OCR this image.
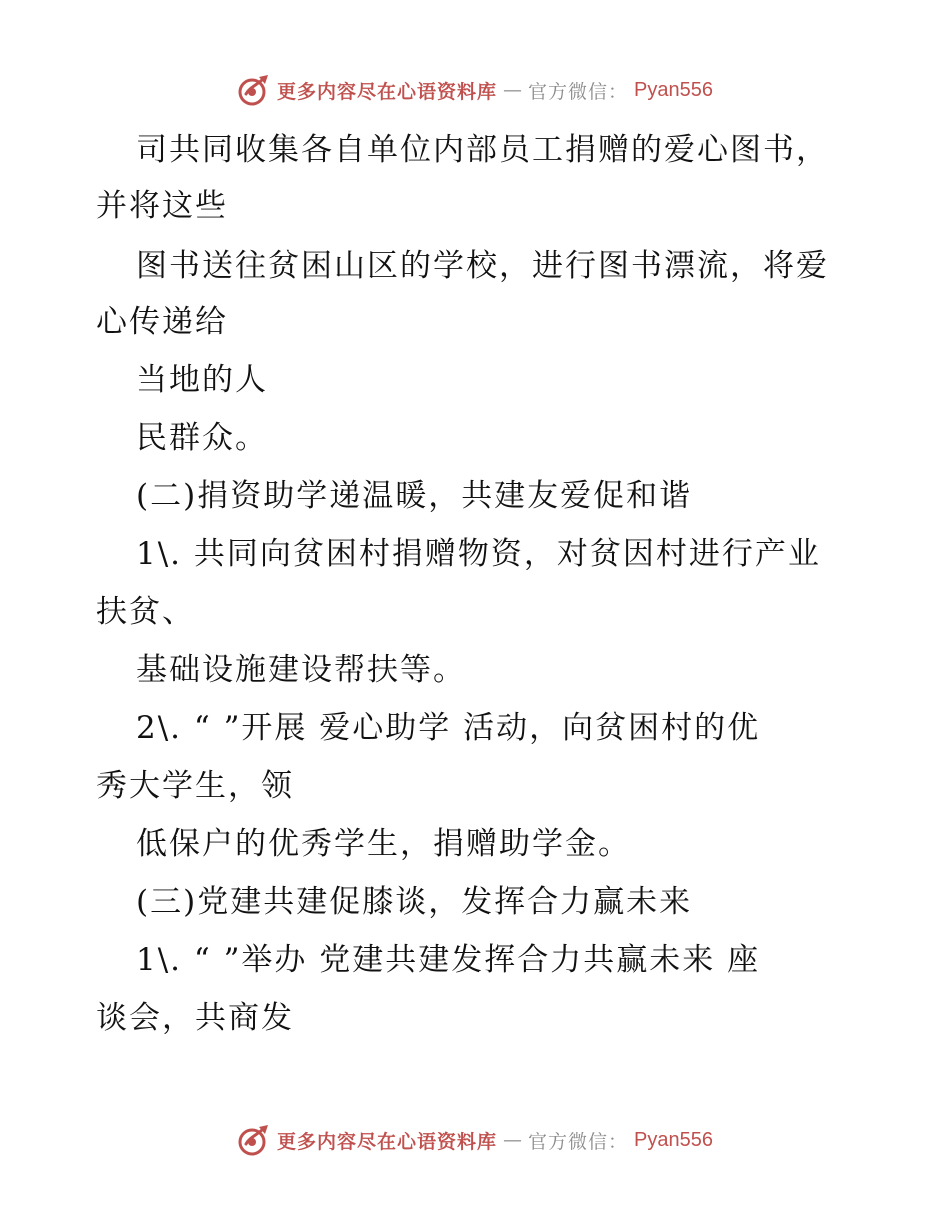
更多内容尽在心语资料库 — 官方微信： Pyan556
司共同收集各自单位内部员工捐赠的爱心图书，
并将这些
图书送往贫困山区的学校，进行图书漂流，将爱
心传递给
当地的人
民群众。
(二)捐资助学递温暖，共建友爱促和谐
1\. 共同向贫困村捐赠物资，对贫因村进行产业
扶贫、
基础设施建设帮扶等。
2\. “ ”开展 爱心助学 活动，向贫困村的优
秀大学生，领
低保户的优秀学生，捐赠助学金。
(三)党建共建促膝谈，发挥合力赢未来
1\. “ ”举办 党建共建发挥合力共赢未来 座
谈会，共商发
更多内容尽在心语资料库 — 官方微信： Pyan556
